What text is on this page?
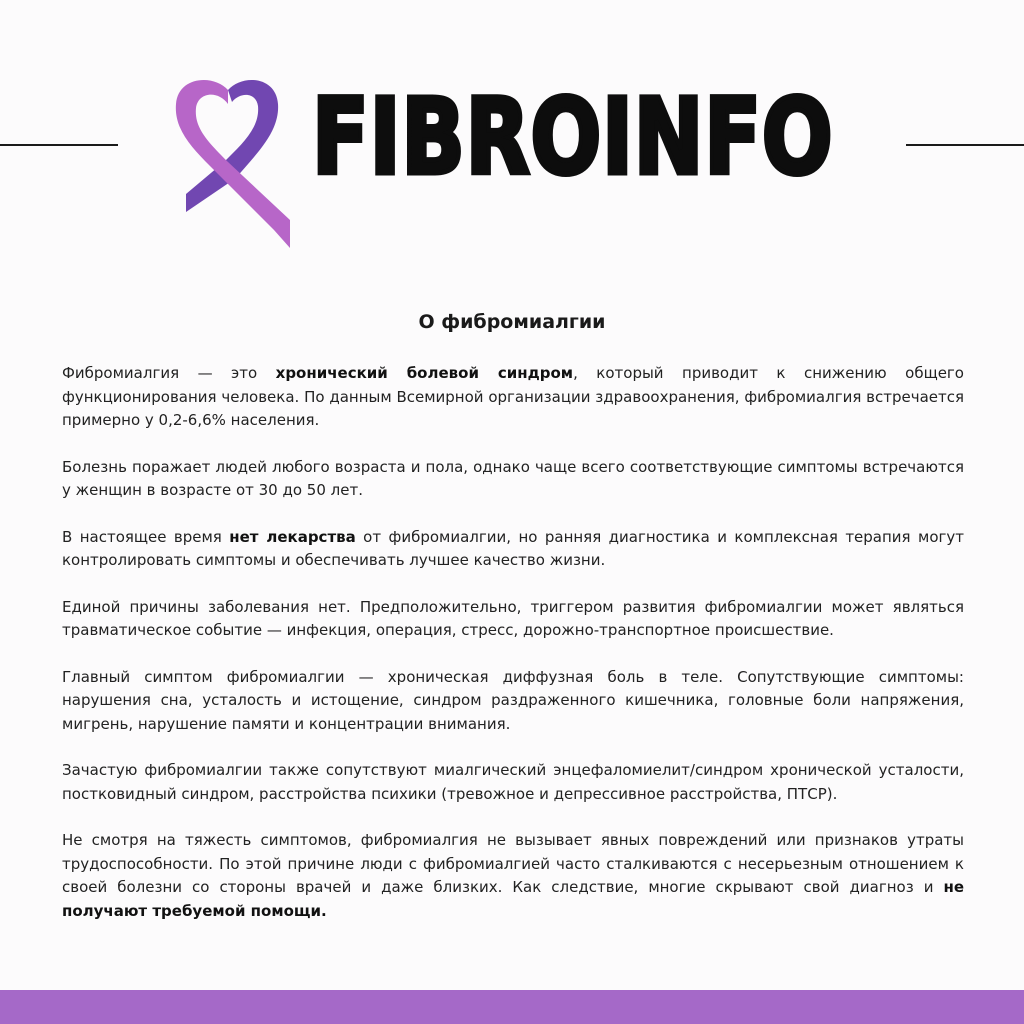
FIBROINFO
О фибромиалгии

Фибромиалгия — это хронический болевой синдром, который приводит к снижению общего функционирования человека. По данным Всемирной организации здравоохранения, фибромиалгия встречается примерно у 0,2-6,6% населения.

Болезнь поражает людей любого возраста и пола, однако чаще всего соответствующие симптомы встречаются у женщин в возрасте от 30 до 50 лет.

В настоящее время нет лекарства от фибромиалгии, но ранняя диагностика и комплексная терапия могут контролировать симптомы и обеспечивать лучшее качество жизни.

Единой причины заболевания нет. Предположительно, триггером развития фибромиалгии может являться травматическое событие — инфекция, операция, стресс, дорожно-транспортное происшествие.

Главный симптом фибромиалгии — хроническая диффузная боль в теле. Сопутствующие симптомы: нарушения сна, усталость и истощение, синдром раздраженного кишечника, головные боли напряжения, мигрень, нарушение памяти и концентрации внимания.

Зачастую фибромиалгии также сопутствуют миалгический энцефаломиелит/синдром хронической усталости, постковидный синдром, расстройства психики (тревожное и депрессивное расстройства, ПТСР).

Не смотря на тяжесть симптомов, фибромиалгия не вызывает явных повреждений или признаков утраты трудоспособности. По этой причине люди с фибромиалгией часто сталкиваются с несерьезным отношением к своей болезни со стороны врачей и даже близких. Как следствие, многие скрывают свой диагноз и не получают требуемой помощи.
